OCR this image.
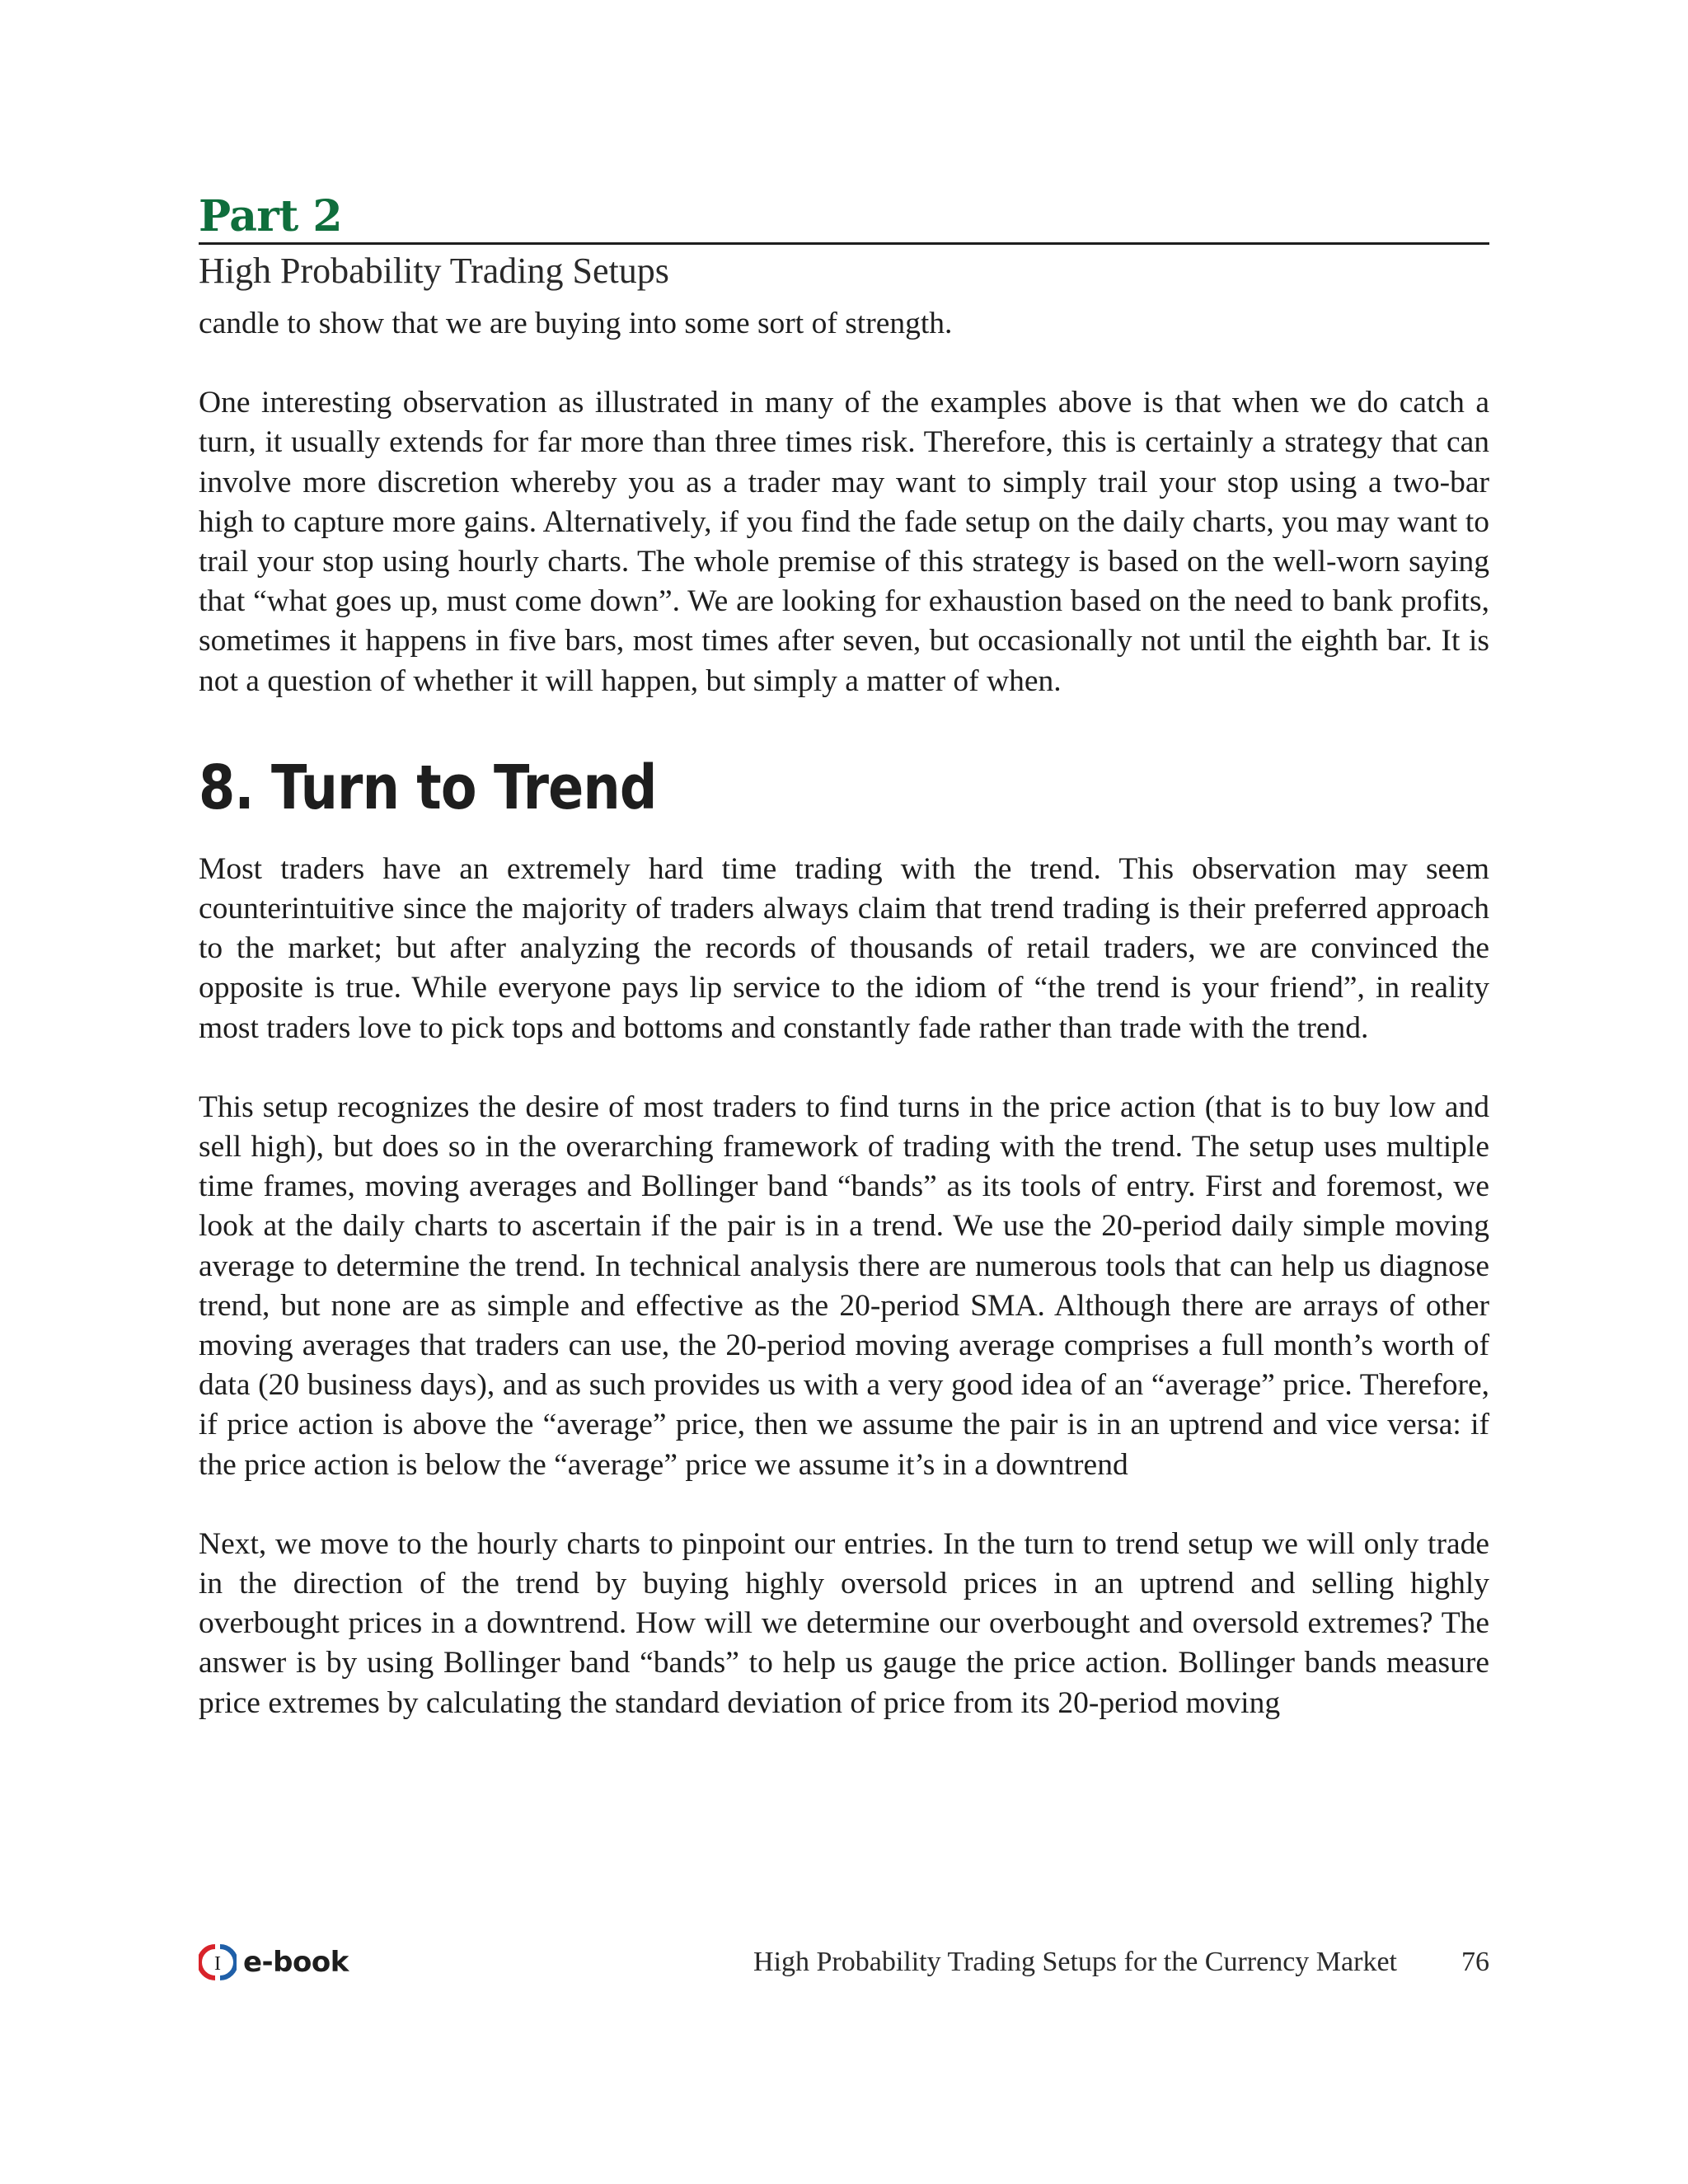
Part 2
High Probability Trading Setups

candle to show that we are buying into some sort of strength.

One interesting observation as illustrated in many of the examples above is that when we do catch a turn, it usually extends for far more than three times risk. Therefore, this is certainly a strategy that can involve more discretion whereby you as a trader may want to simply trail your stop using a two-bar high to capture more gains. Alternatively, if you find the fade setup on the daily charts, you may want to trail your stop using hourly charts. The whole premise of this strategy is based on the well-worn saying that “what goes up, must come down”. We are looking for exhaustion based on the need to bank profits, sometimes it happens in five bars, most times after seven, but occasionally not until the eighth bar. It is not a question of whether it will happen, but simply a matter of when.

8. Turn to Trend

Most traders have an extremely hard time trading with the trend. This observation may seem counterintuitive since the majority of traders always claim that trend trading is their preferred approach to the market; but after analyzing the records of thousands of retail traders, we are convinced the opposite is true. While everyone pays lip service to the idiom of “the trend is your friend”, in reality most traders love to pick tops and bottoms and constantly fade rather than trade with the trend.

This setup recognizes the desire of most traders to find turns in the price action (that is to buy low and sell high), but does so in the overarching framework of trading with the trend. The setup uses multiple time frames, moving averages and Bollinger band “bands” as its tools of entry. First and foremost, we look at the daily charts to ascertain if the pair is in a trend. We use the 20-period daily simple moving average to determine the trend. In technical analysis there are numerous tools that can help us diagnose trend, but none are as simple and effective as the 20-period SMA. Although there are arrays of other moving averages that traders can use, the 20-period moving average comprises a full month’s worth of data (20 business days), and as such provides us with a very good idea of an “average” price. Therefore, if price action is above the “average” price, then we assume the pair is in an uptrend and vice versa: if the price action is below the “average” price we assume it’s in a downtrend

Next, we move to the hourly charts to pinpoint our entries. In the turn to trend setup we will only trade in the direction of the trend by buying highly oversold prices in an uptrend and selling highly overbought prices in a downtrend. How will we determine our overbought and oversold extremes? The answer is by using Bollinger band “bands” to help us gauge the price action. Bollinger bands measure price extremes by calculating the standard deviation of price from its 20-period moving

I e-book	High Probability Trading Setups for the Currency Market 76
